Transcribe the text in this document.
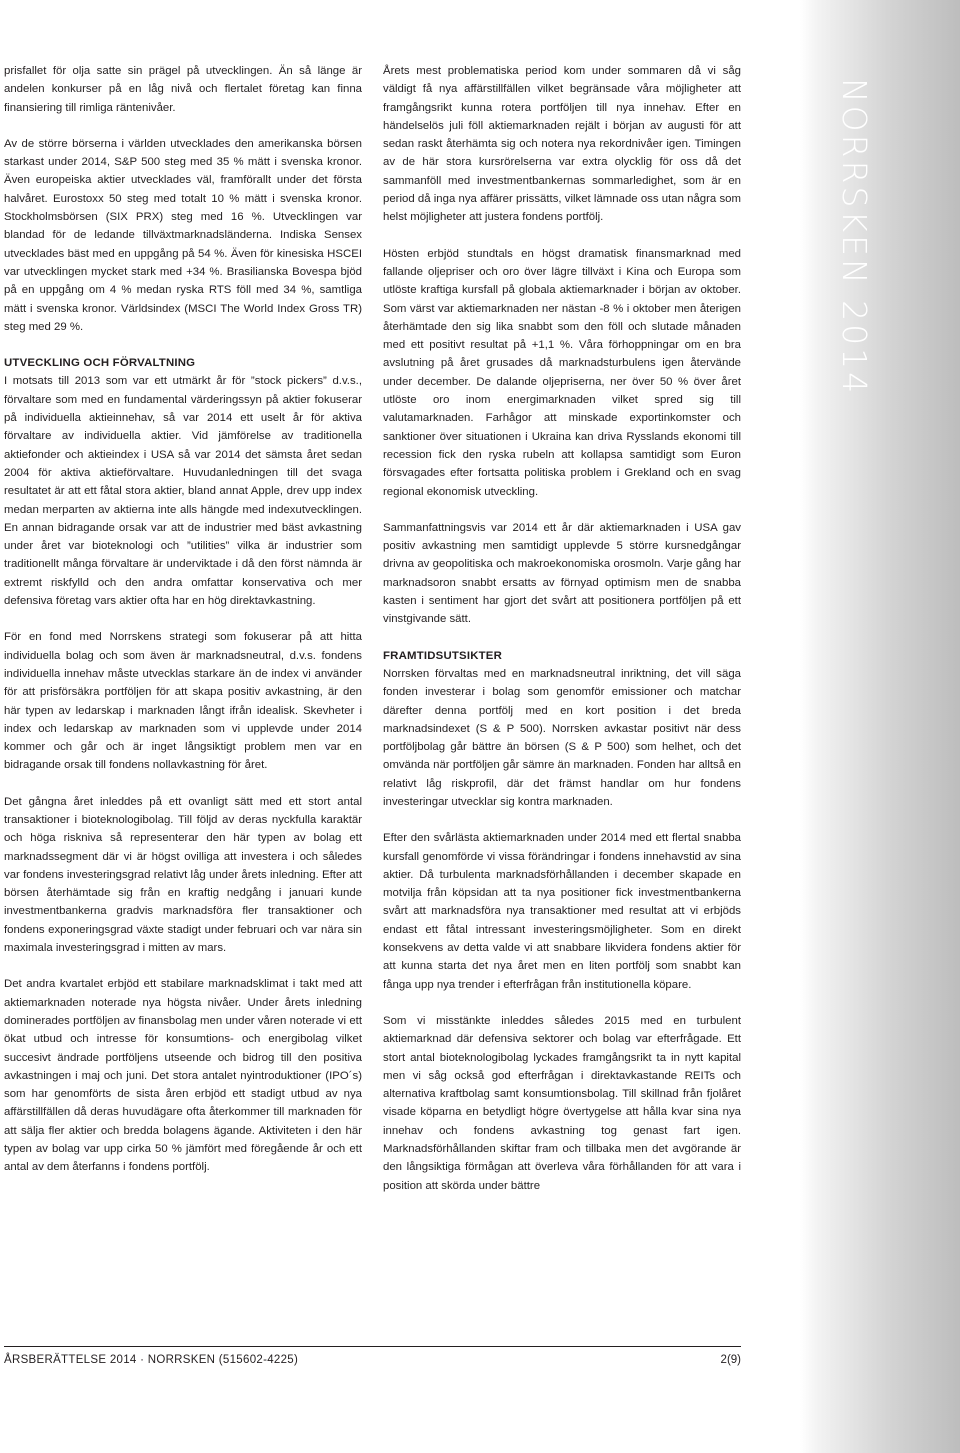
NORRSKEN 2014

prisfallet för olja satte sin prägel på utvecklingen. Än så länge är andelen konkurser på en låg nivå och flertalet företag kan finna finansiering till rimliga räntenivåer.

Av de större börserna i världen utvecklades den amerikanska börsen starkast under 2014, S&P 500 steg med 35 % mätt i svenska kronor. Även europeiska aktier utvecklades väl, framförallt under det första halvåret. Eurostoxx 50 steg med totalt 10 % mätt i svenska kronor. Stockholmsbörsen (SIX PRX) steg med 16 %. Utvecklingen var blandad för de ledande tillväxtmarknadsländerna. Indiska Sensex utvecklades bäst med en uppgång på 54 %. Även för kinesiska HSCEI var utvecklingen mycket stark med +34 %. Brasilianska Bovespa bjöd på en uppgång om 4 % medan ryska RTS föll med 34 %, samtliga mätt i svenska kronor. Världsindex (MSCI The World Index Gross TR) steg med 29 %.

UTVECKLING OCH FÖRVALTNING

I motsats till 2013 som var ett utmärkt år för ”stock pickers” d.v.s., förvaltare som med en fundamental värderingssyn på aktier fokuserar på individuella aktieinnehav, så var 2014 ett uselt år för aktiva förvaltare av individuella aktier. Vid jämförelse av traditionella aktiefonder och aktieindex i USA så var 2014 det sämsta året sedan 2004 för aktiva aktieförvaltare. Huvudanledningen till det svaga resultatet är att ett fåtal stora aktier, bland annat Apple, drev upp index medan merparten av aktierna inte alls hängde med indexutvecklingen. En annan bidragande orsak var att de industrier med bäst avkastning under året var bioteknologi och ”utilities” vilka är industrier som traditionellt många förvaltare är underviktade i då den först nämnda är extremt riskfylld och den andra omfattar konservativa och mer defensiva företag vars aktier ofta har en hög direktavkastning.

För en fond med Norrskens strategi som fokuserar på att hitta individuella bolag och som även är marknadsneutral, d.v.s. fondens individuella innehav måste utvecklas starkare än de index vi använder för att prisförsäkra portföljen för att skapa positiv avkastning, är den här typen av ledarskap i marknaden långt ifrån idealisk. Skevheter i index och ledarskap av marknaden som vi upplevde under 2014 kommer och går och är inget långsiktigt problem men var en bidragande orsak till fondens nollavkastning för året.

Det gångna året inleddes på ett ovanligt sätt med ett stort antal transaktioner i bioteknologibolag. Till följd av deras nyckfulla karaktär och höga riskniva så representerar den här typen av bolag ett marknadssegment där vi är högst ovilliga att investera i och således var fondens investeringsgrad relativt låg under årets inledning. Efter att börsen återhämtade sig från en kraftig nedgång i januari kunde investmentbankerna gradvis marknadsföra fler transaktioner och fondens exponeringsgrad växte stadigt under februari och var nära sin maximala investeringsgrad i mitten av mars.

Det andra kvartalet erbjöd ett stabilare marknadsklimat i takt med att aktiemarknaden noterade nya högsta nivåer. Under årets inledning dominerades portföljen av finansbolag men under våren noterade vi ett ökat utbud och intresse för konsumtions- och energibolag vilket succesivt ändrade portföljens utseende och bidrog till den positiva avkastningen i maj och juni. Det stora antalet nyintroduktioner (IPO´s) som har genomförts de sista åren erbjöd ett stadigt utbud av nya affärstillfällen då deras huvudägare ofta återkommer till marknaden för att sälja fler aktier och bredda bolagens ägande. Aktiviteten i den här typen av bolag var upp cirka 50 % jämfört med föregående år och ett antal av dem återfanns i fondens portfölj.

Årets mest problematiska period kom under sommaren då vi såg väldigt få nya affärstillfällen vilket begränsade våra möjligheter att framgångsrikt kunna rotera portföljen till nya innehav. Efter en händelselös juli föll aktiemarknaden rejält i början av augusti för att sedan raskt återhämta sig och notera nya rekordnivåer igen. Timingen av de här stora kursrörelserna var extra olycklig för oss då det sammanföll med investmentbankernas sommarledighet, som är en period då inga nya affärer prissätts, vilket lämnade oss utan några som helst möjligheter att justera fondens portfölj.

Hösten erbjöd stundtals en högst dramatisk finansmarknad med fallande oljepriser och oro över lägre tillväxt i Kina och Europa som utlöste kraftiga kursfall på globala aktiemarknader i början av oktober. Som värst var aktiemarknaden ner nästan -8 % i oktober men återigen återhämtade den sig lika snabbt som den föll och slutade månaden med ett positivt resultat på +1,1 %. Våra förhoppningar om en bra avslutning på året grusades då marknadsturbulens igen återvände under december. De dalande oljepriserna, ner över 50 % över året utlöste oro inom energimarknaden vilket spred sig till valutamarknaden. Farhågor att minskade exportinkomster och sanktioner över situationen i Ukraina kan driva Rysslands ekonomi till recession fick den ryska rubeln att kollapsa samtidigt som Euron försvagades efter fortsatta politiska problem i Grekland och en svag regional ekonomisk utveckling.

Sammanfattningsvis var 2014 ett år där aktiemarknaden i USA gav positiv avkastning men samtidigt upplevde 5 större kursnedgångar drivna av geopolitiska och makroekonomiska orosmoln. Varje gång har marknadsoron snabbt ersatts av förnyad optimism men de snabba kasten i sentiment har gjort det svårt att positionera portföljen på ett vinstgivande sätt.

FRAMTIDSUTSIKTER

Norrsken förvaltas med en marknadsneutral inriktning, det vill säga fonden investerar i bolag som genomför emissioner och matchar därefter denna portfölj med en kort position i det breda marknadsindexet (S & P 500). Norrsken avkastar positivt när dess portföljbolag går bättre än börsen (S & P 500) som helhet, och det omvända när portföljen går sämre än marknaden. Fonden har alltså en relativt låg riskprofil, där det främst handlar om hur fondens investeringar utvecklar sig kontra marknaden.

Efter den svårlästa aktiemarknaden under 2014 med ett flertal snabba kursfall genomförde vi vissa förändringar i fondens innehavstid av sina aktier. Då turbulenta marknadsförhållanden i december skapade en motvilja från köpsidan att ta nya positioner fick investmentbankerna svårt att marknadsföra nya transaktioner med resultat att vi erbjöds endast ett fåtal intressant investeringsmöjligheter. Som en direkt konsekvens av detta valde vi att snabbare likvidera fondens aktier för att kunna starta det nya året men en liten portfölj som snabbt kan fånga upp nya trender i efterfrågan från institutionella köpare.

Som vi misstänkte inleddes således 2015 med en turbulent aktiemarknad där defensiva sektorer och bolag var efterfrågade. Ett stort antal bioteknologibolag lyckades framgångsrikt ta in nytt kapital men vi såg också god efterfrågan i direktavkastande REITs och alternativa kraftbolag samt konsumtionsbolag. Till skillnad från fjolåret visade köparna en betydligt högre övertygelse att hålla kvar sina nya innehav och fondens avkastning tog genast fart igen. Marknadsförhållanden skiftar fram och tillbaka men det avgörande är den långsiktiga förmågan att överleva våra förhållanden för att vara i position att skörda under bättre

ÅRSBERÄTTELSE 2014 · NORRSKEN (515602-4225)	2(9)
